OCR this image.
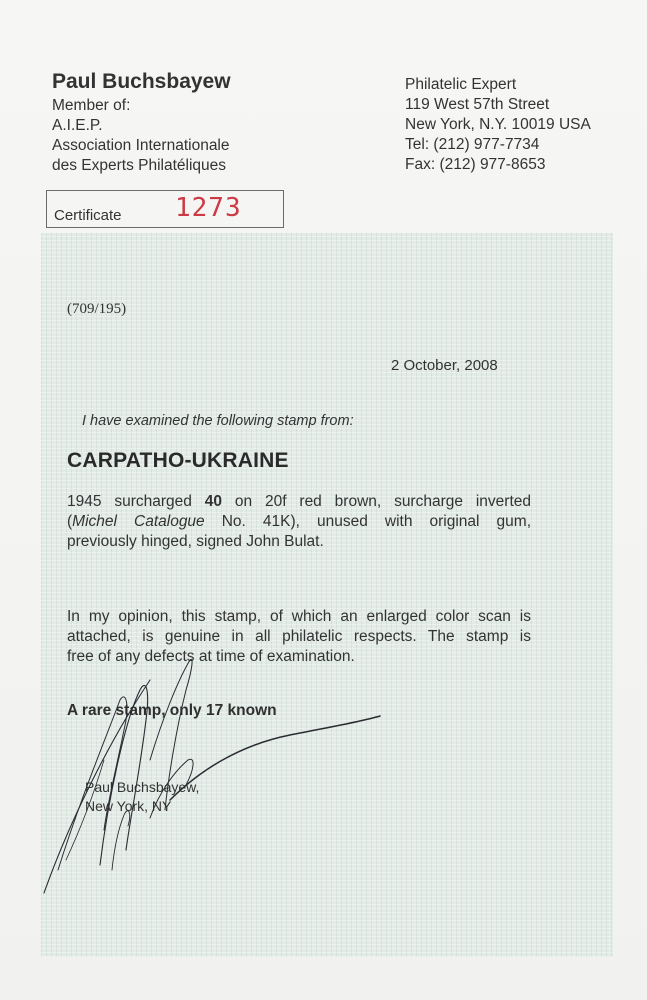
Paul Buchsbayew
Member of:
A.I.E.P.
Association Internationale
des Experts Philatéliques
Philatelic Expert
119 West 57th Street
New York, N.Y. 10019 USA
Tel: (212) 977-7734
Fax: (212) 977-8653
Certificate 1273
(709/195)
2 October, 2008
I have examined the following stamp from:
CARPATHO-UKRAINE
1945 surcharged 40 on 20f red brown, surcharge inverted
(Michel Catalogue No. 41K), unused with original gum,
previously hinged, signed John Bulat.
In my opinion, this stamp, of which an enlarged color scan is
attached, is genuine in all philatelic respects. The stamp is
free of any defects at time of examination.
A rare stamp, only 17 known
Paul Buchsbayew,
New York, NY
